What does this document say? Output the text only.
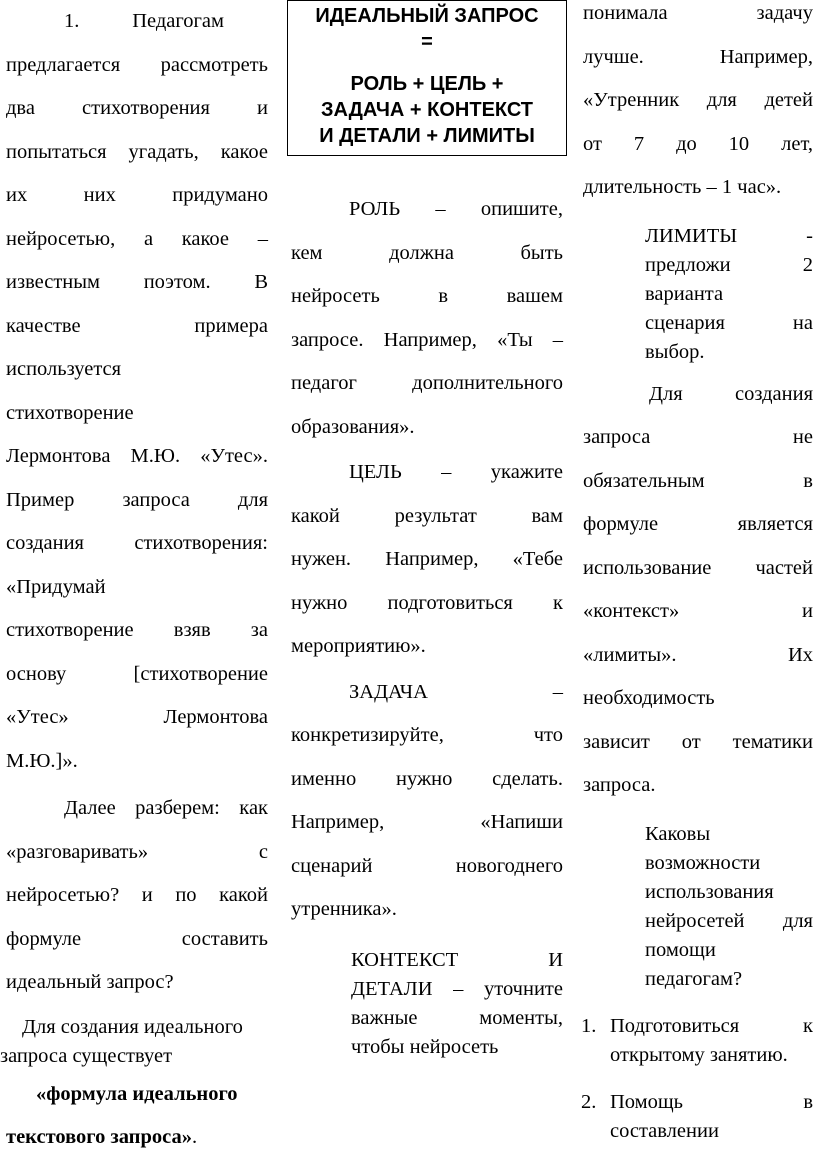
1.	Педагогам
предлагается рассмотреть
два стихотворения и
попытаться угадать, какое
их них придумано
нейросетью, а какое –
известным поэтом. В
качестве примера
используется
стихотворение
Лермонтова М.Ю. «Утес».
Пример запроса для
создания стихотворения:
«Придумай
стихотворение взяв за
основу [стихотворение
«Утес» Лермонтова
М.Ю.]».
Далее разберем: как
«разговаривать» с
нейросетью? и по какой
формуле составить
идеальный запрос?
Для создания идеального
запроса существует
«формула идеального
текстового запроса».
ИДЕАЛЬНЫЙ ЗАПРОС
=
РОЛЬ + ЦЕЛЬ +
ЗАДАЧА + КОНТЕКСТ
И ДЕТАЛИ + ЛИМИТЫ
РОЛЬ – опишите,
кем должна быть
нейросеть в вашем
запросе. Например, «Ты –
педагог дополнительного
образования».
ЦЕЛЬ – укажите
какой результат вам
нужен. Например, «Тебе
нужно подготовиться к
мероприятию».
ЗАДАЧА –
конкретизируйте, что
именно нужно сделать.
Например, «Напиши
сценарий новогоднего
утренника».
КОНТЕКСТ И
ДЕТАЛИ – уточните
важные моменты,
чтобы нейросеть
понимала задачу
лучше. Например,
«Утренник для детей
от 7 до 10 лет,
длительность – 1 час».
ЛИМИТЫ -
предложи 2
варианта
сценария на
выбор.
Для создания
запроса не
обязательным в
формуле является
использование частей
«контекст» и
«лимиты». Их
необходимость
зависит от тематики
запроса.
Каковы
возможности
использования
нейросетей для
помощи
педагогам?
1. Подготовиться к
открытому занятию.
2. Помощь в
составлении
